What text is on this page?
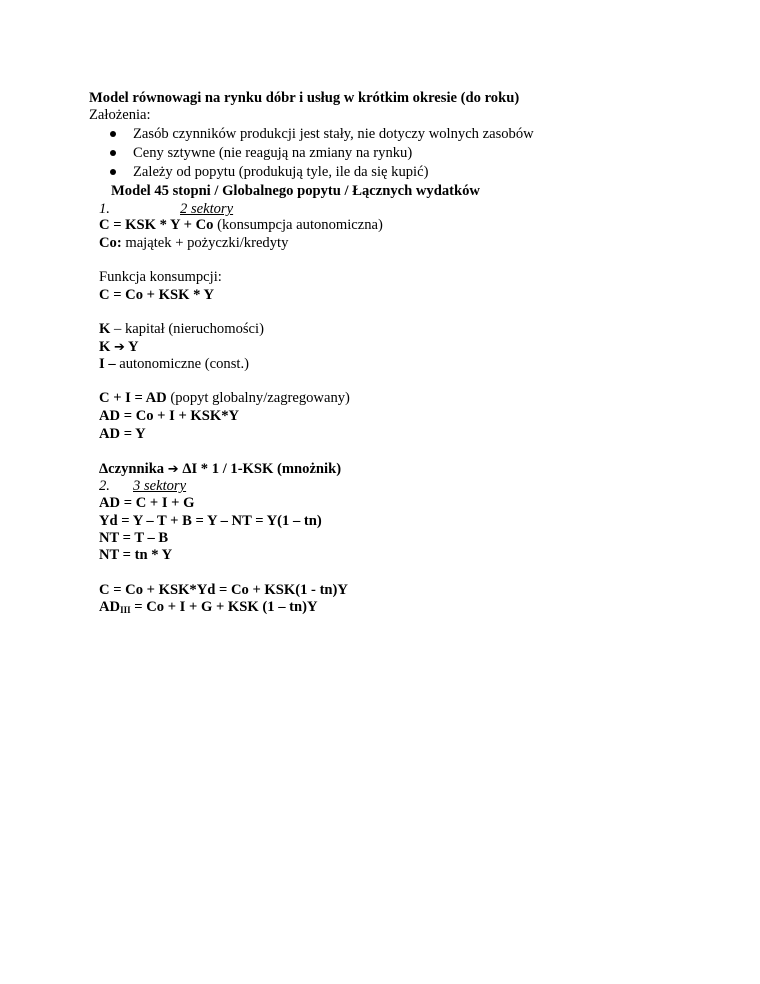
Model równowagi na rynku dóbr i usług w krótkim okresie (do roku)
Założenia:
Zasób czynników produkcji jest stały, nie dotyczy wolnych zasobów
Ceny sztywne (nie reagują na zmiany na rynku)
Zależy od popytu (produkują tyle, ile da się kupić)
Model 45 stopni / Globalnego popytu / Łącznych wydatków
1.	2 sektory
C = KSK * Y + Co (konsumpcja autonomiczna)
Co: majątek + pożyczki/kredyty
Funkcja konsumpcji:
C = Co + KSK * Y
K – kapitał (nieruchomości)
K ➔ Y
I – autonomiczne (const.)
C + I = AD (popyt globalny/zagregowany)
AD = Co + I + KSK*Y
AD = Y
Δczynnika ➔ ΔI * 1 / 1-KSK (mnożnik)
2. 3 sektory
AD = C + I + G
Yd = Y – T + B = Y – NT = Y(1 – tn)
NT = T – B
NT = tn * Y
C = Co + KSK*Yd = Co + KSK(1 - tn)Y
$AD_{III} = Co + I + G$ + KSK (1 – tn)Y
